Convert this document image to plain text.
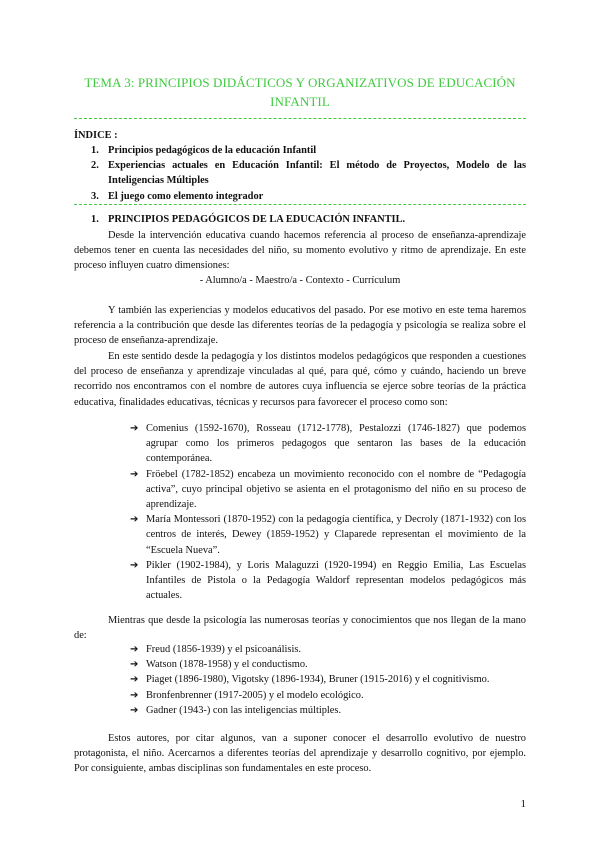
TEMA 3: PRINCIPIOS DIDÁCTICOS Y ORGANIZATIVOS DE EDUCACIÓN INFANTIL
ÍNDICE :
1. Principios pedagógicos de la educación Infantil
2. Experiencias actuales en Educación Infantil: El método de Proyectos, Modelo de las Inteligencias Múltiples
3. El juego como elemento integrador
1. PRINCIPIOS PEDAGÓGICOS DE LA EDUCACIÓN INFANTIL.

Desde la intervención educativa cuando hacemos referencia al proceso de enseñanza-aprendizaje debemos tener en cuenta las necesidades del niño, su momento evolutivo y ritmo de aprendizaje. En este proceso influyen cuatro dimensiones:

- Alumno/a - Maestro/a - Contexto - Currículum

Y también las experiencias y modelos educativos del pasado. Por ese motivo en este tema haremos referencia a la contribución que desde las diferentes teorías de la pedagogía y psicología se realiza sobre el proceso de enseñanza-aprendizaje.

En este sentido desde la pedagogía y los distintos modelos pedagógicos que responden a cuestiones del proceso de enseñanza y aprendizaje vinculadas al qué, para qué, cómo y cuándo, haciendo un breve recorrido nos encontramos con el nombre de autores cuya influencia se ejerce sobre teorías de la práctica educativa, finalidades educativas, técnicas y recursos para favorecer el proceso como son:

➔ Comenius (1592-1670), Rosseau (1712-1778), Pestalozzi (1746-1827) que podemos agrupar como los primeros pedagogos que sentaron las bases de la educación contemporánea.
➔ Fröebel (1782-1852) encabeza un movimiento reconocido con el nombre de “Pedagogía activa”, cuyo principal objetivo se asienta en el protagonismo del niño en su proceso de aprendizaje.
➔ María Montessori (1870-1952) con la pedagogía científica, y Decroly (1871-1932) con los centros de interés, Dewey (1859-1952) y Claparede representan el movimiento de la “Escuela Nueva”.
➔ Pikler (1902-1984), y Loris Malaguzzi (1920-1994) en Reggio Emilia, Las Escuelas Infantiles de Pistola o la Pedagogía Waldorf representan modelos pedagógicos más actuales.

Mientras que desde la psicología las numerosas teorías y conocimientos que nos llegan de la mano de:

➔ Freud (1856-1939) y el psicoanálisis.
➔ Watson (1878-1958) y el conductismo.
➔ Piaget (1896-1980), Vigotsky (1896-1934), Bruner (1915-2016) y el cognitivismo.
➔ Bronfenbrenner (1917-2005) y el modelo ecológico.
➔ Gadner (1943-) con las inteligencias múltiples.

Estos autores, por citar algunos, van a suponer conocer el desarrollo evolutivo de nuestro protagonista, el niño. Acercarnos a diferentes teorías del aprendizaje y desarrollo cognitivo, por ejemplo. Por consiguiente, ambas disciplinas son fundamentales en este proceso.

1
